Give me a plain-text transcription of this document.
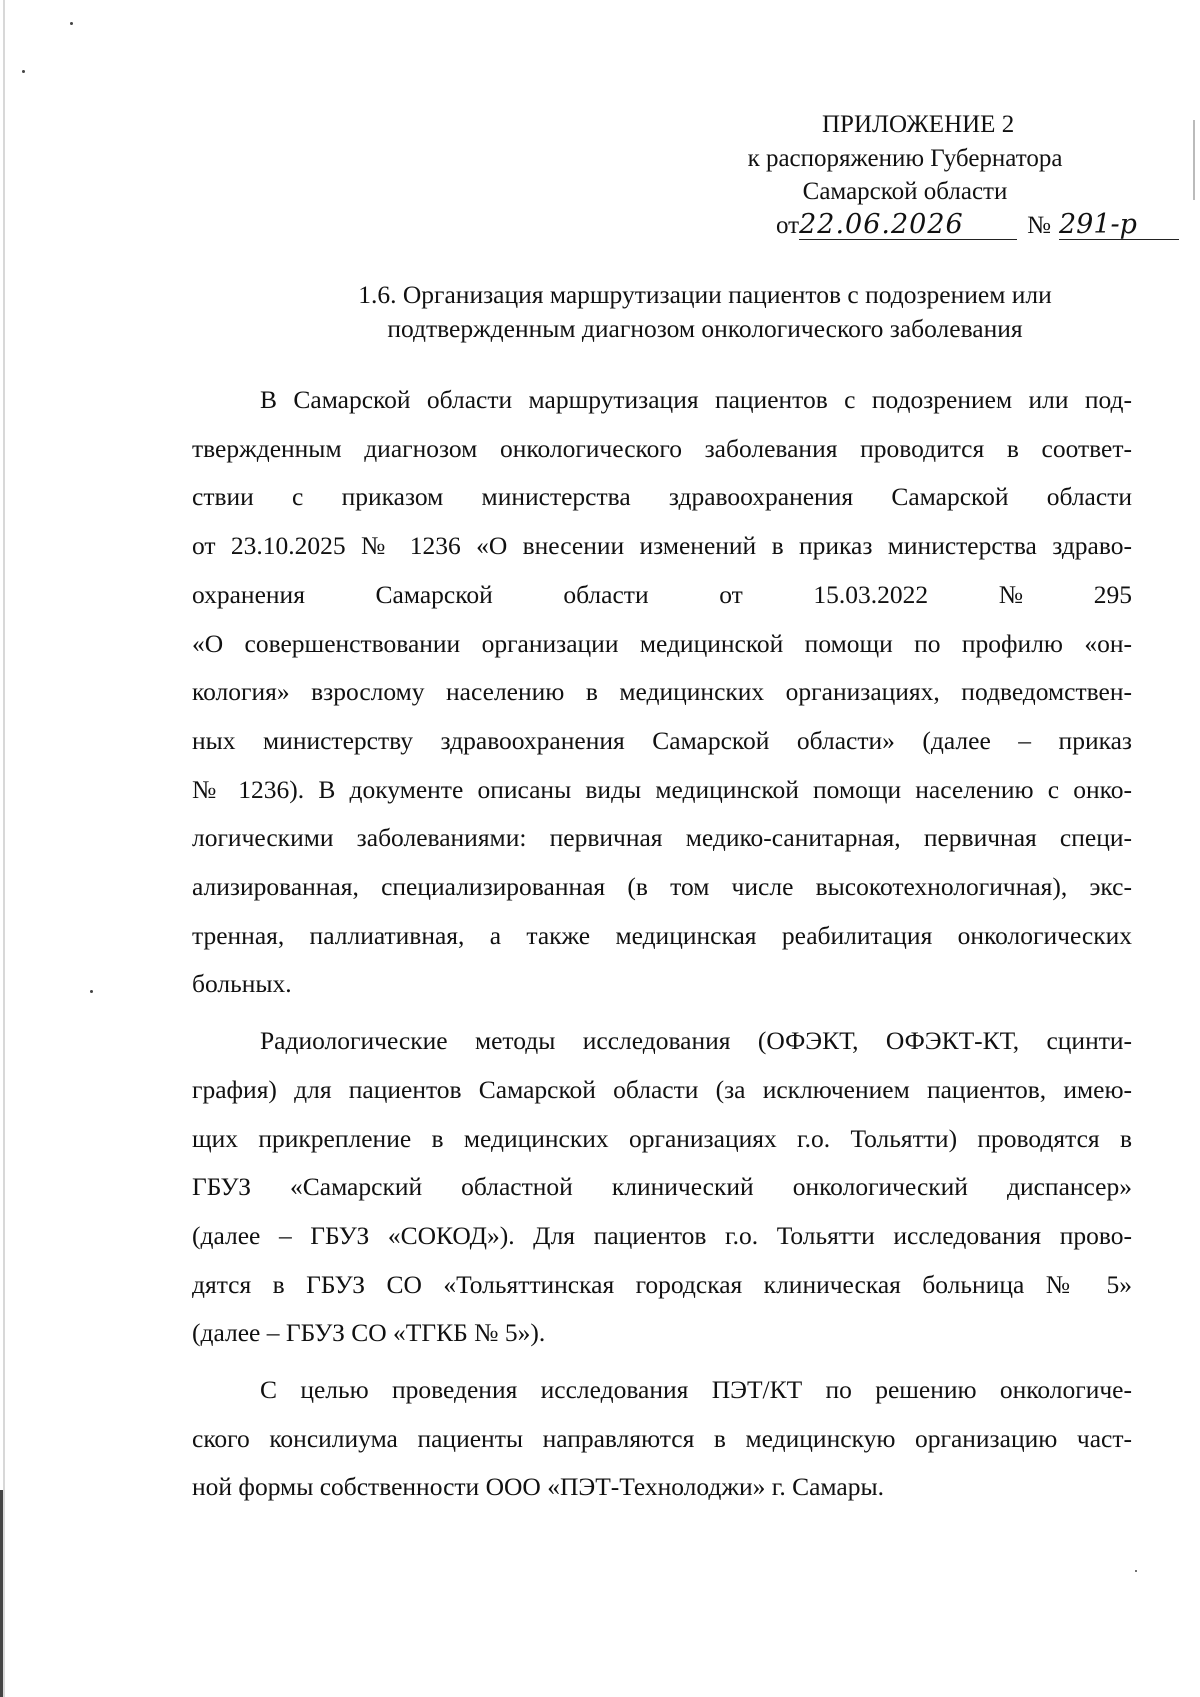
ПРИЛОЖЕНИЕ 2
к распоряжению Губернатора
Самарской области
от22.06.2026	№ 291-р
1.6. Организация маршрутизации пациентов с подозрением или
подтвержденным диагнозом онкологического заболевания
В Самарской области маршрутизация пациентов с подозрением или под-
твержденным диагнозом онкологического заболевания проводится в соответ-
ствии с приказом министерства здравоохранения Самарской области
от 23.10.2025 № 1236 «О внесении изменений в приказ министерства здраво-
охранения	Самарской	области	от	15.03.2022	№	295
«О совершенствовании организации медицинской помощи по профилю «он-
кология» взрослому населению в медицинских организациях, подведомствен-
ных министерству здравоохранения Самарской области» (далее – приказ
№ 1236). В документе описаны виды медицинской помощи населению с онко-
логическими заболеваниями: первичная медико-санитарная, первичная специ-
ализированная, специализированная (в том числе высокотехнологичная), экс-
тренная, паллиативная, а также медицинская реабилитация онкологических
больных.
Радиологические методы исследования (ОФЭКТ, ОФЭКТ-КТ, сцинти-
графия) для пациентов Самарской области (за исключением пациентов, имею-
щих прикрепление в медицинских организациях г.о. Тольятти) проводятся в
ГБУЗ «Самарский областной клинический онкологический диспансер»
(далее – ГБУЗ «СОКОД»). Для пациентов г.о. Тольятти исследования прово-
дятся в ГБУЗ СО «Тольяттинская городская клиническая больница № 5»
(далее – ГБУЗ СО «ТГКБ № 5»).
С целью проведения исследования ПЭТ/КТ по решению онкологиче-
ского консилиума пациенты направляются в медицинскую организацию част-
ной формы собственности ООО «ПЭТ-Технолоджи» г. Самары.
